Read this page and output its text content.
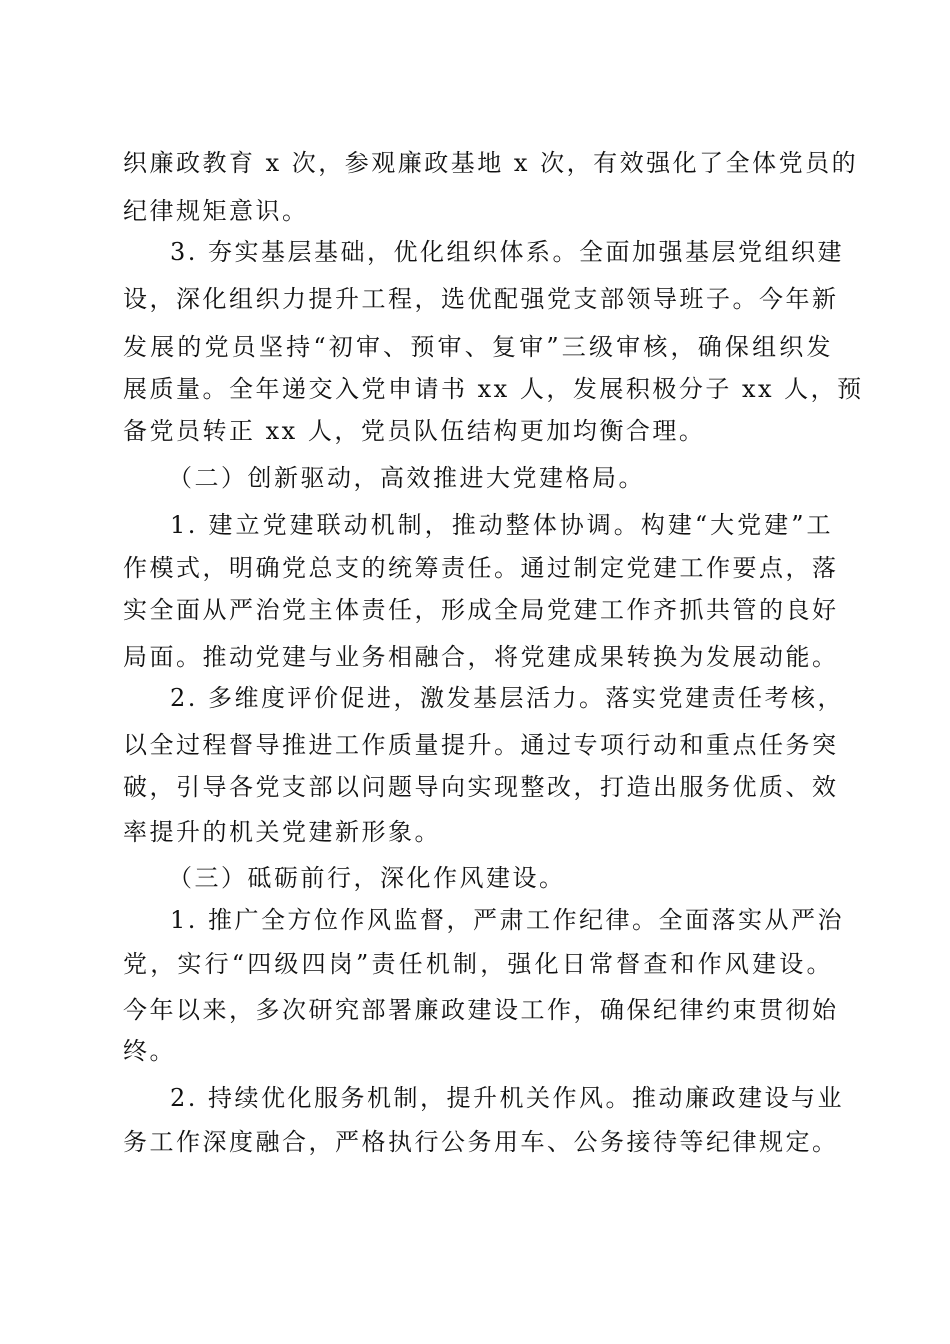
织廉政教育 x 次，参观廉政基地 x 次，有效强化了全体党员的
纪律规矩意识。
3. 夯实基层基础，优化组织体系。全面加强基层党组织建
设，深化组织力提升工程，选优配强党支部领导班子。今年新
发展的党员坚持“初审、预审、复审”三级审核，确保组织发
展质量。全年递交入党申请书 xx 人，发展积极分子 xx 人，预
备党员转正 xx 人，党员队伍结构更加均衡合理。
（二）创新驱动，高效推进大党建格局。
1. 建立党建联动机制，推动整体协调。构建“大党建”工
作模式，明确党总支的统筹责任。通过制定党建工作要点，落
实全面从严治党主体责任，形成全局党建工作齐抓共管的良好
局面。推动党建与业务相融合，将党建成果转换为发展动能。
2. 多维度评价促进，激发基层活力。落实党建责任考核，
以全过程督导推进工作质量提升。通过专项行动和重点任务突
破，引导各党支部以问题导向实现整改，打造出服务优质、效
率提升的机关党建新形象。
（三）砥砺前行，深化作风建设。
1. 推广全方位作风监督，严肃工作纪律。全面落实从严治
党，实行“四级四岗”责任机制，强化日常督查和作风建设。
今年以来，多次研究部署廉政建设工作，确保纪律约束贯彻始
终。
2. 持续优化服务机制，提升机关作风。推动廉政建设与业
务工作深度融合，严格执行公务用车、公务接待等纪律规定。
